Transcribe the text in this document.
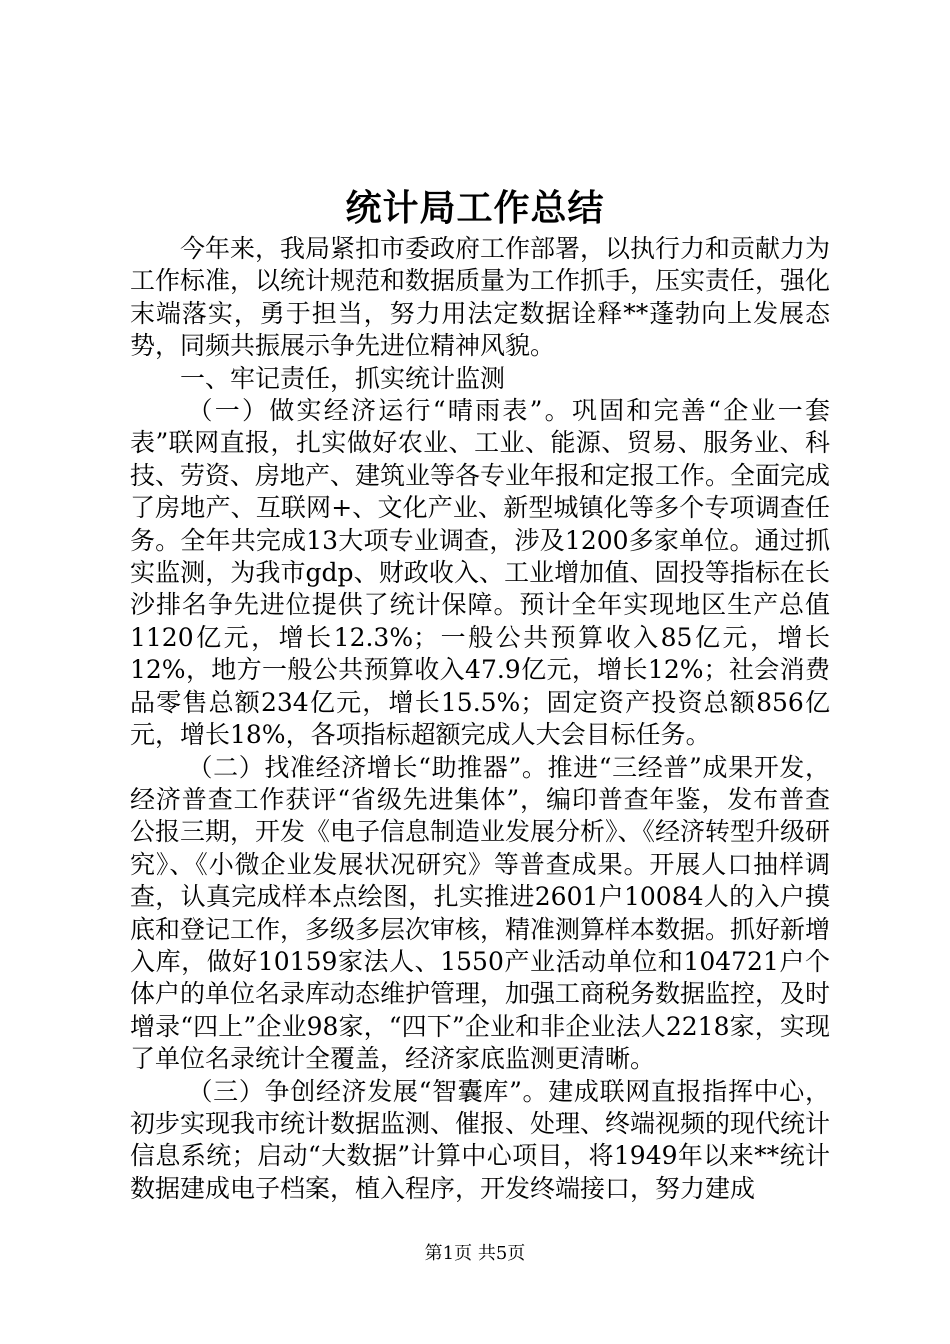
统计局工作总结

今年来，我局紧扣市委政府工作部署，以执行力和贡献力为工作标准，以统计规范和数据质量为工作抓手，压实责任，强化末端落实，勇于担当，努力用法定数据诠释**蓬勃向上发展态势，同频共振展示争先进位精神风貌。

一、牢记责任，抓实统计监测

（一）做实经济运行“晴雨表”。巩固和完善“企业一套表”联网直报，扎实做好农业、工业、能源、贸易、服务业、科技、劳资、房地产、建筑业等各专业年报和定报工作。全面完成了房地产、互联网+、文化产业、新型城镇化等多个专项调查任务。全年共完成13大项专业调查，涉及1200多家单位。通过抓实监测，为我市gdp、财政收入、工业增加值、固投等指标在长沙排名争先进位提供了统计保障。预计全年实现地区生产总值1120亿元，增长12.3%；一般公共预算收入85亿元，增长12%，地方一般公共预算收入47.9亿元，增长12%；社会消费品零售总额234亿元，增长15.5%；固定资产投资总额856亿元，增长18%，各项指标超额完成人大会目标任务。

（二）找准经济增长“助推器”。推进“三经普”成果开发，经济普查工作获评“省级先进集体”，编印普查年鉴，发布普查公报三期，开发《电子信息制造业发展分析》、《经济转型升级研究》、《小微企业发展状况研究》等普查成果。开展人口抽样调查，认真完成样本点绘图，扎实推进2601户10084人的入户摸底和登记工作，多级多层次审核，精准测算样本数据。抓好新增入库，做好10159家法人、1550产业活动单位和104721户个体户的单位名录库动态维护管理，加强工商税务数据监控，及时增录“四上”企业98家，“四下”企业和非企业法人2218家，实现了单位名录统计全覆盖，经济家底监测更清晰。

（三）争创经济发展“智囊库”。建成联网直报指挥中心，初步实现我市统计数据监测、催报、处理、终端视频的现代统计信息系统；启动“大数据”计算中心项目，将1949年以来**统计数据建成电子档案，植入程序，开发终端接口，努力建成

第1页 共5页
